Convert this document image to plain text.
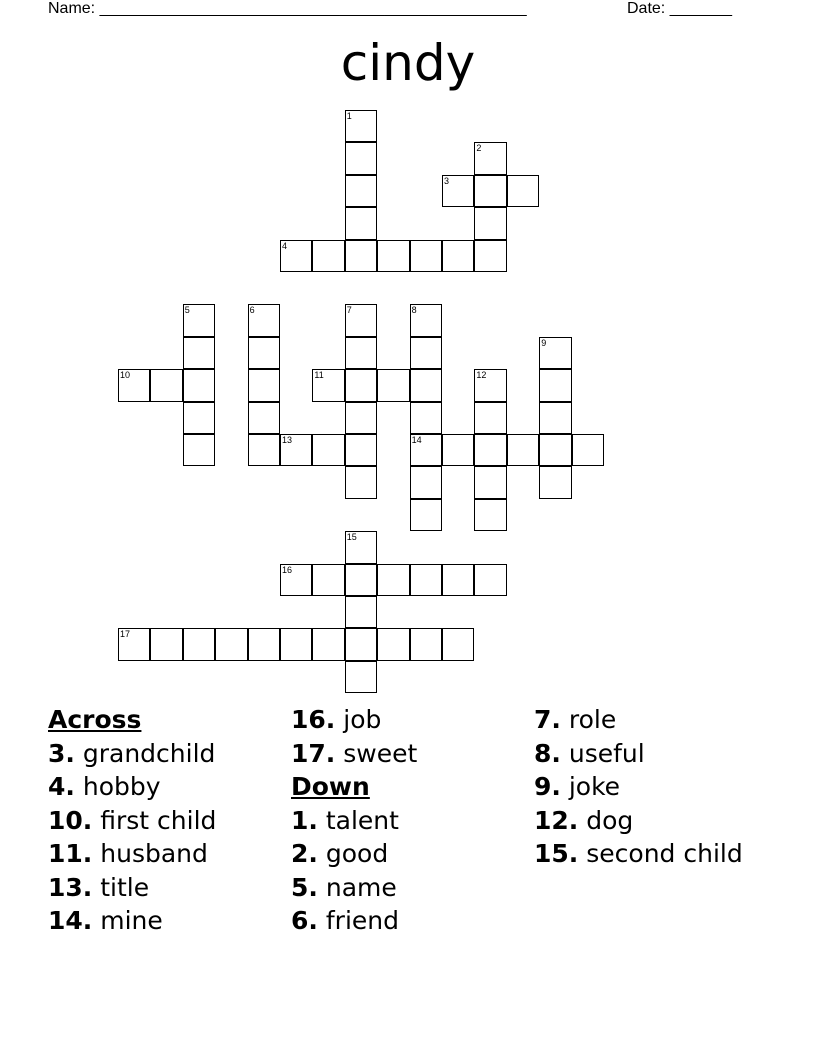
Name: ________________________________________________	Date: _______
cindy
1
2
3
4
5	6	7	8
14
9
10	11	12
13
15
16
17
Across
3. grandchild
4. hobby
10. first child
11. husband
13. title
14. mine
16. job
17. sweet
Down
1. talent
2. good
5. name
6. friend
7. role
8. useful
9. joke
12. dog
15. second child
